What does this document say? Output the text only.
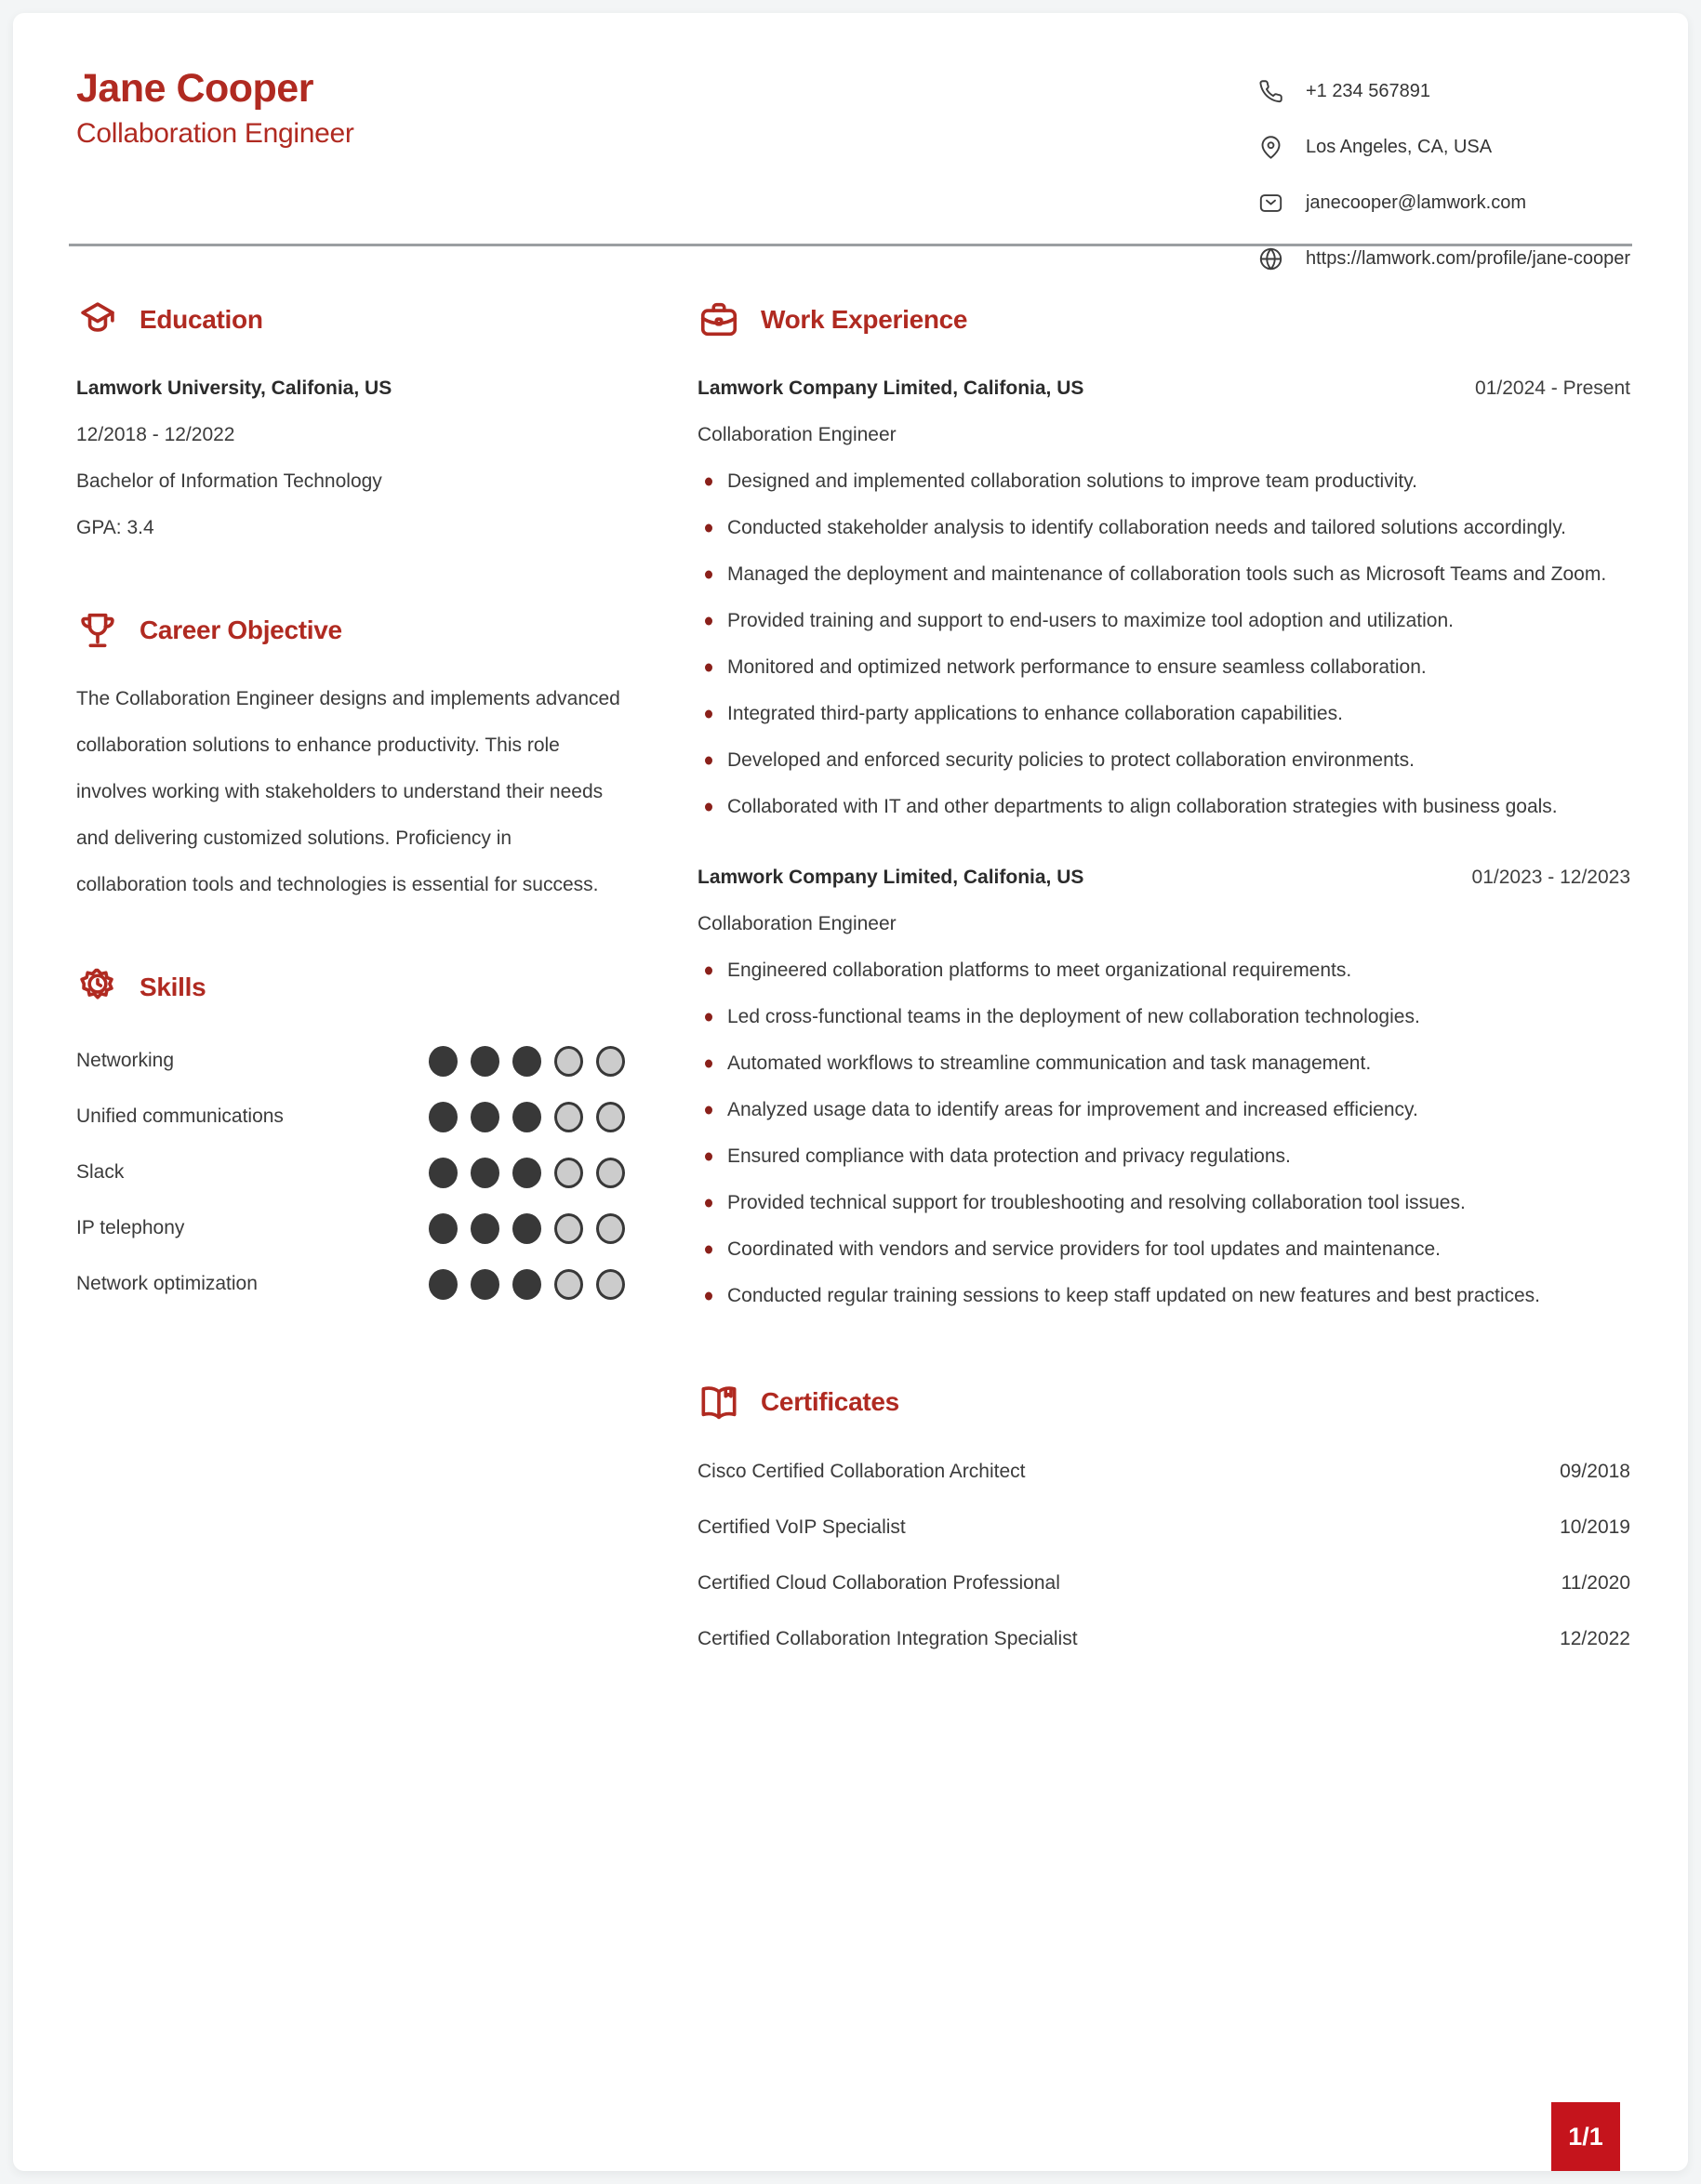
Jane Cooper
Collaboration Engineer
+1 234 567891
Los Angeles, CA, USA
janecooper@lamwork.com
https://lamwork.com/profile/jane-cooper
Education
Lamwork University, Califonia, US
12/2018 - 12/2022
Bachelor of Information Technology
GPA: 3.4
Career Objective

The Collaboration Engineer designs and implements advanced collaboration solutions to enhance productivity. This role involves working with stakeholders to understand their needs and delivering customized solutions. Proficiency in collaboration tools and technologies is essential for success.

Skills
Networking
Unified communications
Slack
IP telephony
Network optimization
Work Experience
Lamwork Company Limited, Califonia, US	01/2024 - Present
Collaboration Engineer
Designed and implemented collaboration solutions to improve team productivity.
Conducted stakeholder analysis to identify collaboration needs and tailored solutions accordingly.
Managed the deployment and maintenance of collaboration tools such as Microsoft Teams and Zoom.
Provided training and support to end-users to maximize tool adoption and utilization.
Monitored and optimized network performance to ensure seamless collaboration.
Integrated third-party applications to enhance collaboration capabilities.
Developed and enforced security policies to protect collaboration environments.
Collaborated with IT and other departments to align collaboration strategies with business goals.
Lamwork Company Limited, Califonia, US	01/2023 - 12/2023
Collaboration Engineer
Engineered collaboration platforms to meet organizational requirements.
Led cross-functional teams in the deployment of new collaboration technologies.
Automated workflows to streamline communication and task management.
Analyzed usage data to identify areas for improvement and increased efficiency.
Ensured compliance with data protection and privacy regulations.
Provided technical support for troubleshooting and resolving collaboration tool issues.
Coordinated with vendors and service providers for tool updates and maintenance.
Conducted regular training sessions to keep staff updated on new features and best practices.
Certificates
Cisco Certified Collaboration Architect	09/2018
Certified VoIP Specialist	10/2019
Certified Cloud Collaboration Professional	11/2020
Certified Collaboration Integration Specialist	12/2022
1/1
